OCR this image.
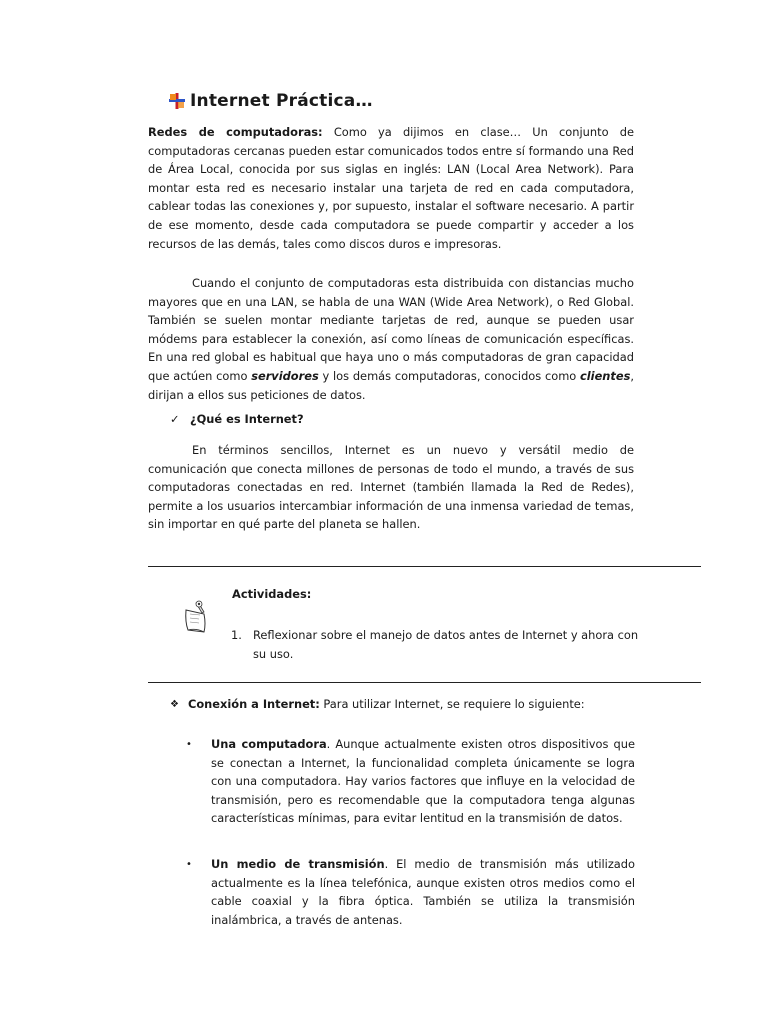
Internet Práctica…

Redes de computadoras: Como ya dijimos en clase… Un conjunto de computadoras cercanas pueden estar comunicados todos entre sí formando una Red de Área Local, conocida por sus siglas en inglés: LAN (Local Area Network). Para montar esta red es necesario instalar una tarjeta de red en cada computadora, cablear todas las conexiones y, por supuesto, instalar el software necesario. A partir de ese momento, desde cada computadora se puede compartir y acceder a los recursos de las demás, tales como discos duros e impresoras.

Cuando el conjunto de computadoras esta distribuida con distancias mucho mayores que en una LAN, se habla de una WAN (Wide Area Network), o Red Global. También se suelen montar mediante tarjetas de red, aunque se pueden usar módems para establecer la conexión, así como líneas de comunicación específicas. En una red global es habitual que haya uno o más computadoras de gran capacidad que actúen como servidores y los demás computadoras, conocidos como clientes, dirijan a ellos sus peticiones de datos.

✓ ¿Qué es Internet?

En términos sencillos, Internet es un nuevo y versátil medio de comunicación que conecta millones de personas de todo el mundo, a través de sus computadoras conectadas en red. Internet (también llamada la Red de Redes), permite a los usuarios intercambiar información de una inmensa variedad de temas, sin importar en qué parte del planeta se hallen.

Actividades:
1. Reflexionar sobre el manejo de datos antes de Internet y ahora con su uso.
❖ Conexión a Internet: Para utilizar Internet, se requiere lo siguiente:
•	Una computadora. Aunque actualmente existen otros dispositivos que se conectan a Internet, la funcionalidad completa únicamente se logra con una computadora. Hay varios factores que influye en la velocidad de transmisión, pero es recomendable que la computadora tenga algunas características mínimas, para evitar lentitud en la transmisión de datos.
•	Un medio de transmisión. El medio de transmisión más utilizado actualmente es la línea telefónica, aunque existen otros medios como el cable coaxial y la fibra óptica. También se utiliza la transmisión inalámbrica, a través de antenas.
